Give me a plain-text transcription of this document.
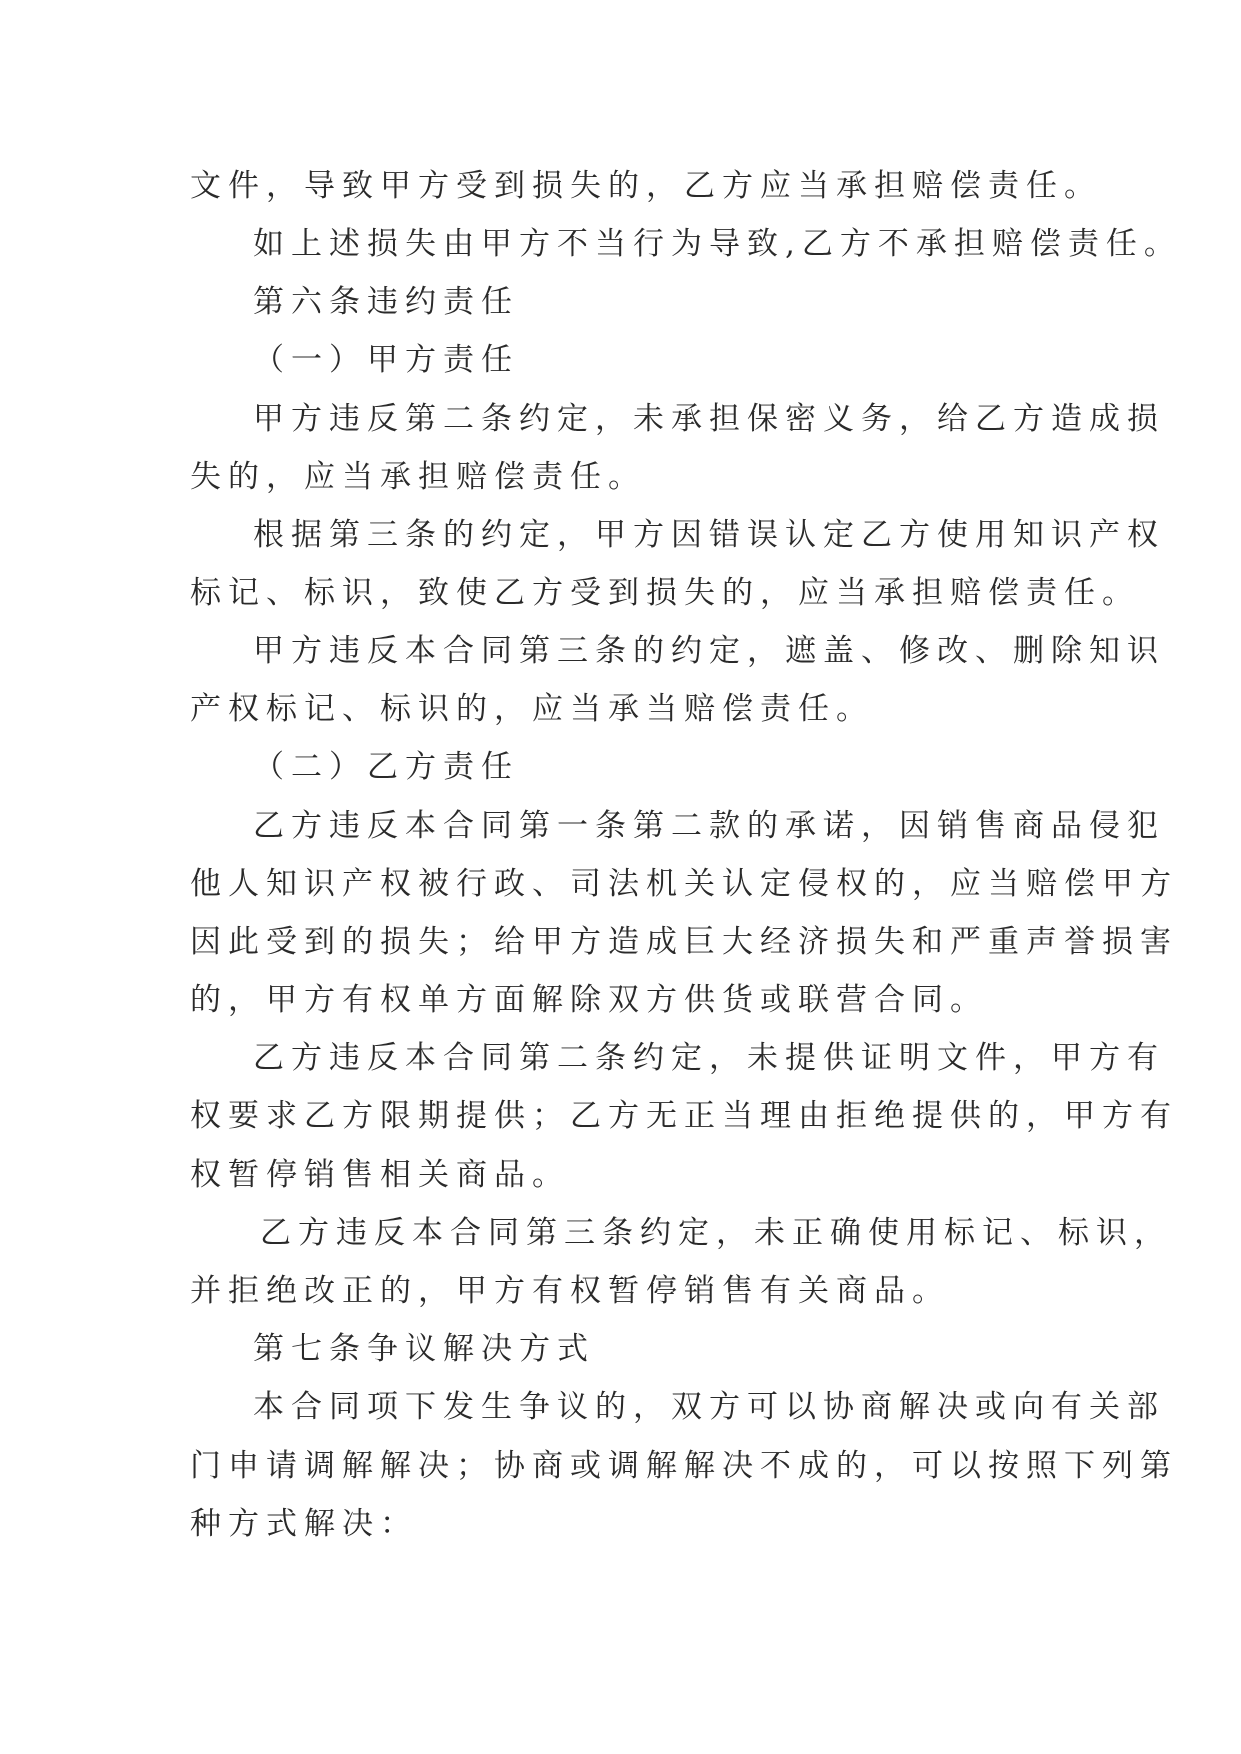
文件，导致甲方受到损失的，乙方应当承担赔偿责任。
如上述损失由甲方不当行为导致,乙方不承担赔偿责任。
第六条违约责任
（一）甲方责任
甲方违反第二条约定，未承担保密义务，给乙方造成损
失的，应当承担赔偿责任。
根据第三条的约定，甲方因错误认定乙方使用知识产权
标记、标识，致使乙方受到损失的，应当承担赔偿责任。
甲方违反本合同第三条的约定，遮盖、修改、删除知识
产权标记、标识的，应当承当赔偿责任。
（二）乙方责任
乙方违反本合同第一条第二款的承诺，因销售商品侵犯
他人知识产权被行政、司法机关认定侵权的，应当赔偿甲方
因此受到的损失；给甲方造成巨大经济损失和严重声誉损害
的，甲方有权单方面解除双方供货或联营合同。
乙方违反本合同第二条约定，未提供证明文件，甲方有
权要求乙方限期提供；乙方无正当理由拒绝提供的，甲方有
权暂停销售相关商品。
乙方违反本合同第三条约定，未正确使用标记、标识，
并拒绝改正的，甲方有权暂停销售有关商品。
第七条争议解决方式
本合同项下发生争议的，双方可以协商解决或向有关部
门申请调解解决；协商或调解解决不成的，可以按照下列第
种方式解决：
